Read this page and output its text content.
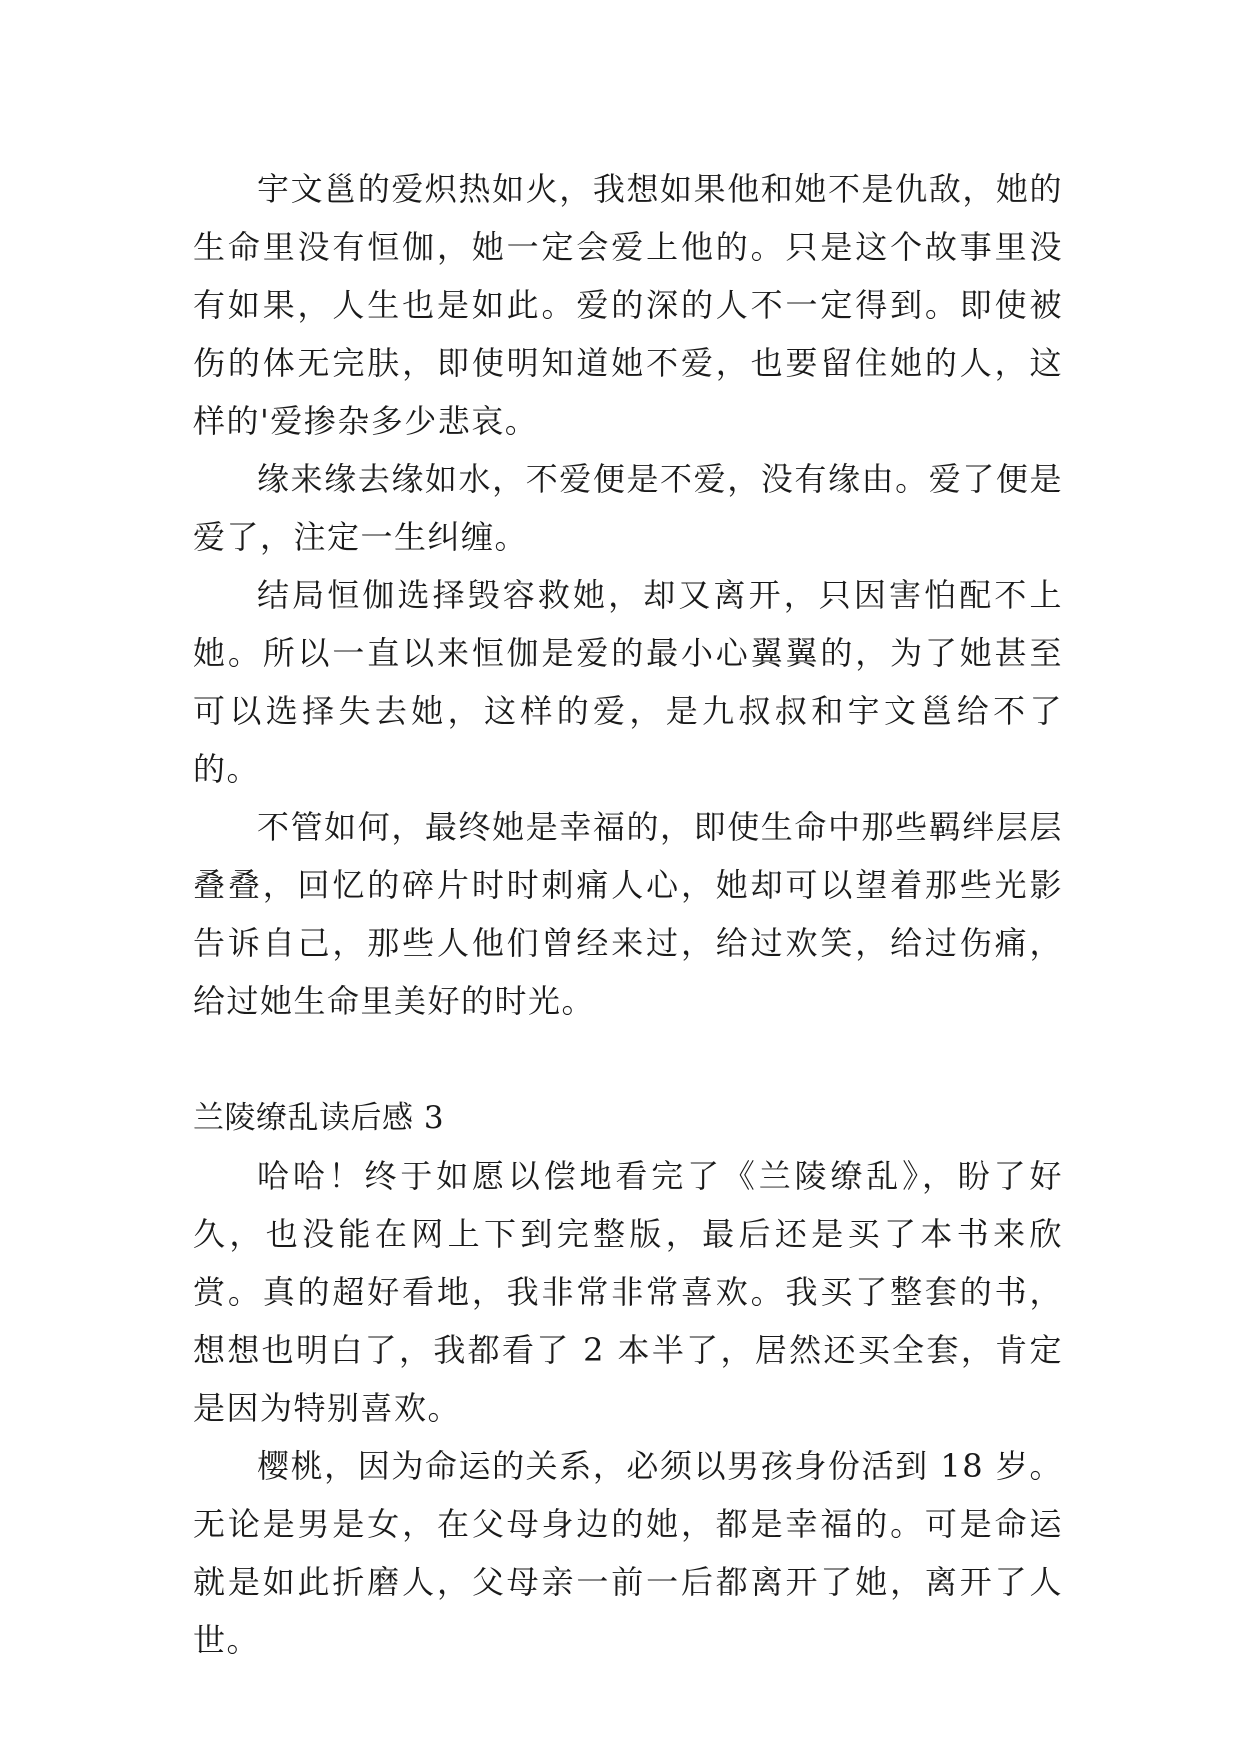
宇文邕的爱炽热如火，我想如果他和她不是仇敌，她的生命里没有恒伽，她一定会爱上他的。只是这个故事里没有如果，人生也是如此。爱的深的人不一定得到。即使被伤的体无完肤，即使明知道她不爱，也要留住她的人，这样的'爱掺杂多少悲哀。

缘来缘去缘如水，不爱便是不爱，没有缘由。爱了便是爱了，注定一生纠缠。

结局恒伽选择毁容救她，却又离开，只因害怕配不上她。所以一直以来恒伽是爱的最小心翼翼的，为了她甚至可以选择失去她，这样的爱，是九叔叔和宇文邕给不了的。

不管如何，最终她是幸福的，即使生命中那些羁绊层层叠叠，回忆的碎片时时刺痛人心，她却可以望着那些光影告诉自己，那些人他们曾经来过，给过欢笑，给过伤痛，给过她生命里美好的时光。

兰陵缭乱读后感 3

哈哈！终于如愿以偿地看完了《兰陵缭乱》，盼了好久，也没能在网上下到完整版，最后还是买了本书来欣赏。真的超好看地，我非常非常喜欢。我买了整套的书，想想也明白了，我都看了 2 本半了，居然还买全套，肯定是因为特别喜欢。

樱桃，因为命运的关系，必须以男孩身份活到 18 岁。无论是男是女，在父母身边的她，都是幸福的。可是命运就是如此折磨人，父母亲一前一后都离开了她，离开了人世。
